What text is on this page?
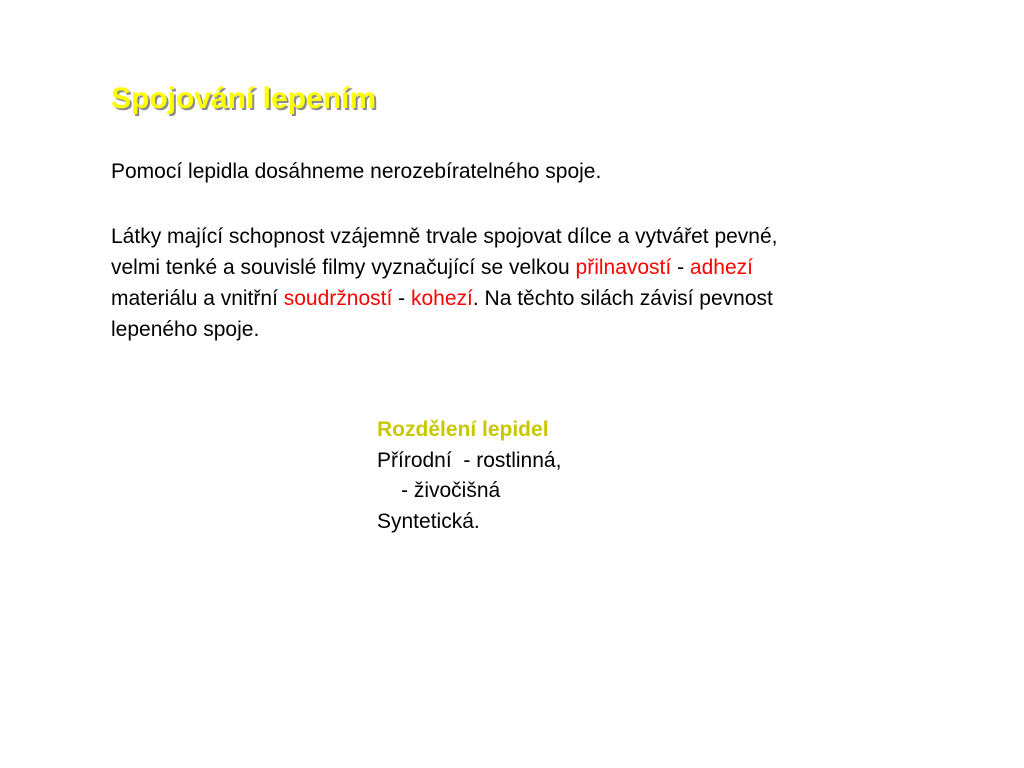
Spojování lepením

Pomocí lepidla dosáhneme nerozebíratelného spoje.

Látky mající schopnost vzájemně trvale spojovat dílce a vytvářet pevné,
velmi tenké a souvislé filmy vyznačující se velkou přilnavostí - adhezí
materiálu a vnitřní soudržností - kohezí. Na těchto silách závisí pevnost
lepeného spoje.

Rozdělení lepidel
Přírodní - rostlinná,
- živočišná
Syntetická.
